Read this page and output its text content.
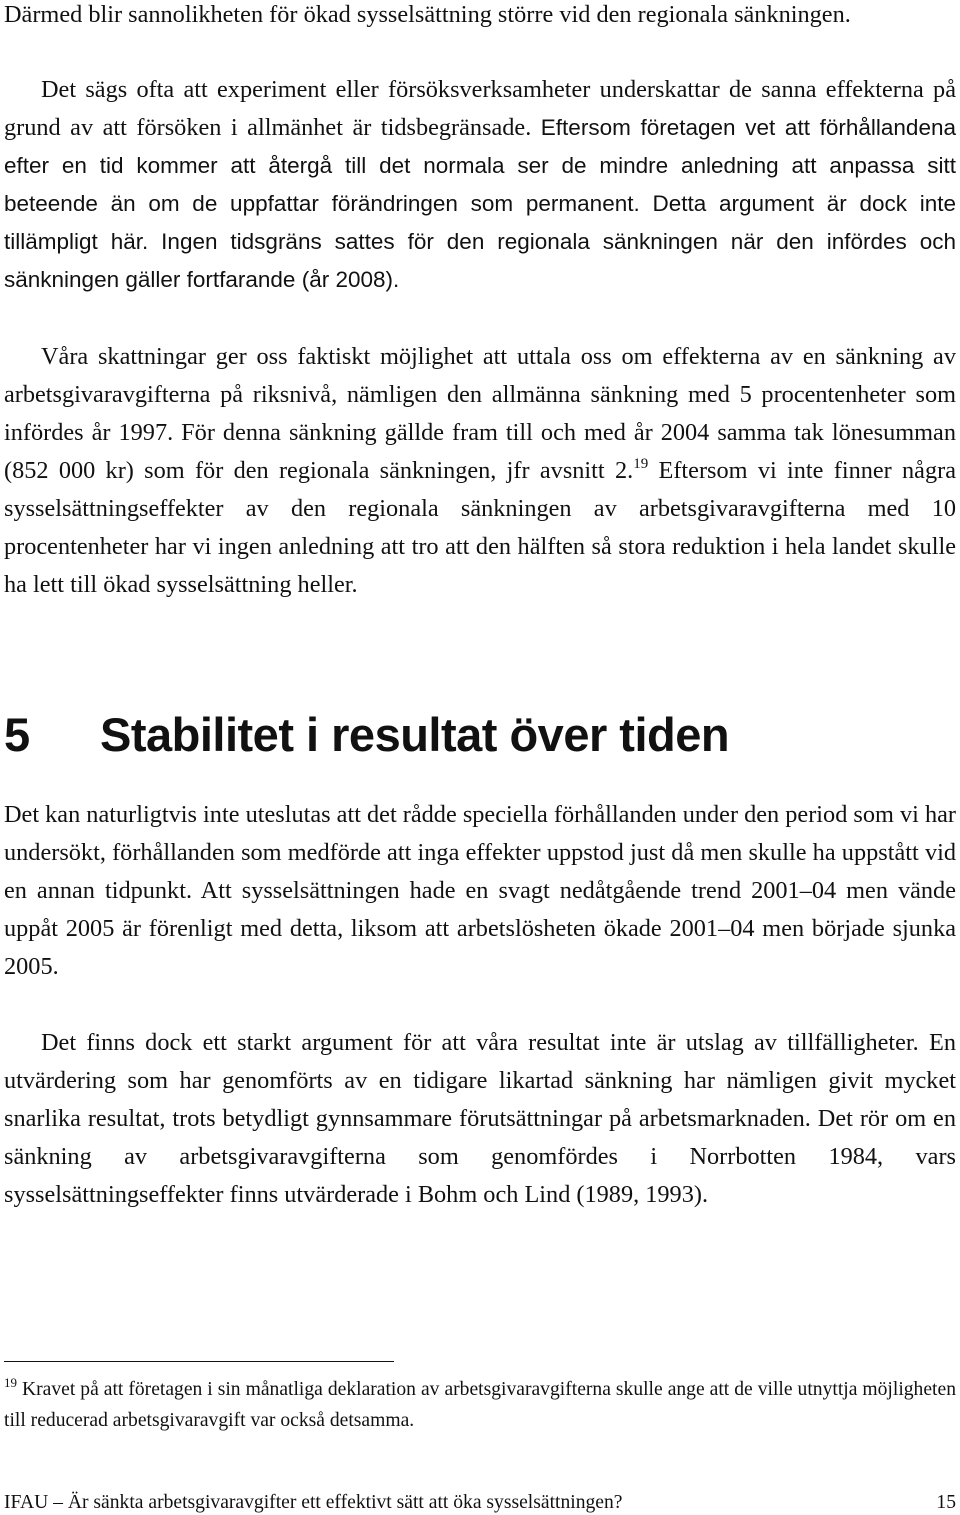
Därmed blir sannolikheten för ökad sysselsättning större vid den regionala sänkningen.

Det sägs ofta att experiment eller försöksverksamheter underskattar de sanna effekterna på grund av att försöken i allmänhet är tidsbegränsade. Eftersom företagen vet att förhållandena efter en tid kommer att återgå till det normala ser de mindre anledning att anpassa sitt beteende än om de uppfattar förändringen som permanent. Detta argument är dock inte tillämpligt här. Ingen tidsgräns sattes för den regionala sänkningen när den infördes och sänkningen gäller fortfarande (år 2008).

Våra skattningar ger oss faktiskt möjlighet att uttala oss om effekterna av en sänkning av arbetsgivaravgifterna på riksnivå, nämligen den allmänna sänkning med 5 procentenheter som infördes år 1997. För denna sänkning gällde fram till och med år 2004 samma tak lönesumman (852 000 kr) som för den regionala sänkningen, jfr avsnitt 2.19 Eftersom vi inte finner några sysselsättningseffekter av den regionala sänkningen av arbetsgivaravgifterna med 10 procentenheter har vi ingen anledning att tro att den hälften så stora reduktion i hela landet skulle ha lett till ökad sysselsättning heller.

5 Stabilitet i resultat över tiden

Det kan naturligtvis inte uteslutas att det rådde speciella förhållanden under den period som vi har undersökt, förhållanden som medförde att inga effekter uppstod just då men skulle ha uppstått vid en annan tidpunkt. Att sysselsättningen hade en svagt nedåtgående trend 2001–04 men vände uppåt 2005 är förenligt med detta, liksom att arbetslösheten ökade 2001–04 men började sjunka 2005.

Det finns dock ett starkt argument för att våra resultat inte är utslag av tillfälligheter. En utvärdering som har genomförts av en tidigare likartad sänkning har nämligen givit mycket snarlika resultat, trots betydligt gynnsammare förutsättningar på arbetsmarknaden. Det rör om en sänkning av arbetsgivaravgifterna som genomfördes i Norrbotten 1984, vars sysselsättningseffekter finns utvärderade i Bohm och Lind (1989, 1993).

$^{19}$ Kravet på att företagen i sin månatliga deklaration av arbetsgivaravgifterna skulle ange att de ville utnyttja möjligheten till reducerad arbetsgivaravgift var också detsamma.

IFAU – Är sänkta arbetsgivaravgifter ett effektivt sätt att öka sysselsättningen?	15
